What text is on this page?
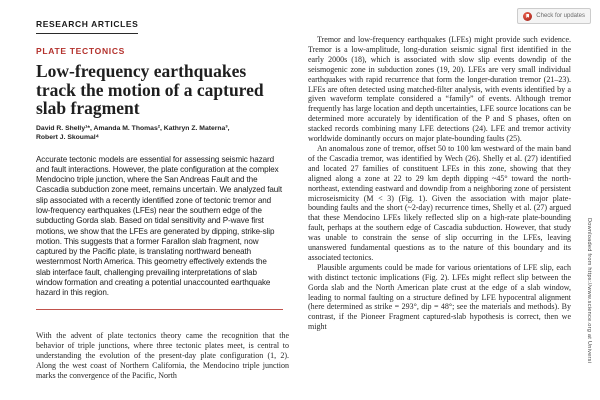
Check for updates
RESEARCH ARTICLES
PLATE TECTONICS
Low-frequency earthquakes track the motion of a captured slab fragment
David R. Shelly¹*, Amanda M. Thomas², Kathryn Z. Materna³,
Robert J. Skoumal⁴
Accurate tectonic models are essential for assessing seismic hazard and fault interactions. However, the plate configuration at the complex Mendocino triple junction, where the San Andreas Fault and the Cascadia subduction zone meet, remains uncertain. We analyzed fault slip associated with a recently identified zone of tectonic tremor and low-frequency earthquakes (LFEs) near the southern edge of the subducting Gorda slab. Based on tidal sensitivity and P-wave first motions, we show that the LFEs are generated by dipping, strike-slip motion. This suggests that a former Farallon slab fragment, now captured by the Pacific plate, is translating northward beneath westernmost North America. This geometry effectively extends the slab interface fault, challenging prevailing interpretations of slab window formation and creating a potential unaccounted earthquake hazard in this region.
With the advent of plate tectonics theory came the recognition that the behavior of triple junctions, where three tectonic plates meet, is central to understanding the evolution of the present-day plate configuration (1, 2). Along the west coast of Northern California, the Mendocino triple junction marks the convergence of the Pacific, North

Tremor and low-frequency earthquakes (LFEs) might provide such evidence. Tremor is a low-amplitude, long-duration seismic signal first identified in the early 2000s (18), which is associated with slow slip events downdip of the seismogenic zone in subduction zones (19, 20). LFEs are very small individual earthquakes with rapid recurrence that form the longer-duration tremor (21–23). LFEs are often detected using matched-filter analysis, with events identified by a given waveform template considered a “family” of events. Although tremor frequently has large location and depth uncertainties, LFE source locations can be determined more accurately by identification of the P and S phases, often on stacked records combining many LFE detections (24). LFE and tremor activity worldwide dominantly occurs on major plate-bounding faults (25).

An anomalous zone of tremor, offset 50 to 100 km westward of the main band of the Cascadia tremor, was identified by Wech (26). Shelly et al. (27) identified and located 27 families of constituent LFEs in this zone, showing that they aligned along a zone at 22 to 29 km depth dipping ~45° toward the north-northeast, extending eastward and downdip from a neighboring zone of persistent microseismicity (M < 3) (Fig. 1). Given the association with major plate-bounding faults and the short (~2-day) recurrence times, Shelly et al. (27) argued that these Mendocino LFEs likely reflected slip on a high-rate plate-bounding fault, perhaps at the southern edge of Cascadia subduction. However, that study was unable to constrain the sense of slip occurring in the LFEs, leaving unanswered fundamental questions as to the nature of this boundary and its associated tectonics.

Plausible arguments could be made for various orientations of LFE slip, each with distinct tectonic implications (Fig. 2). LFEs might reflect slip between the Gorda slab and the North American plate crust at the edge of a slab window, leading to normal faulting on a structure defined by LFE hypocentral alignment (here determined as strike = 293°, dip = 48°; see the materials and methods). By contrast, if the Pioneer Fragment captured-slab hypothesis is correct, then we might	Downloaded from https://www.science.org at Universi
